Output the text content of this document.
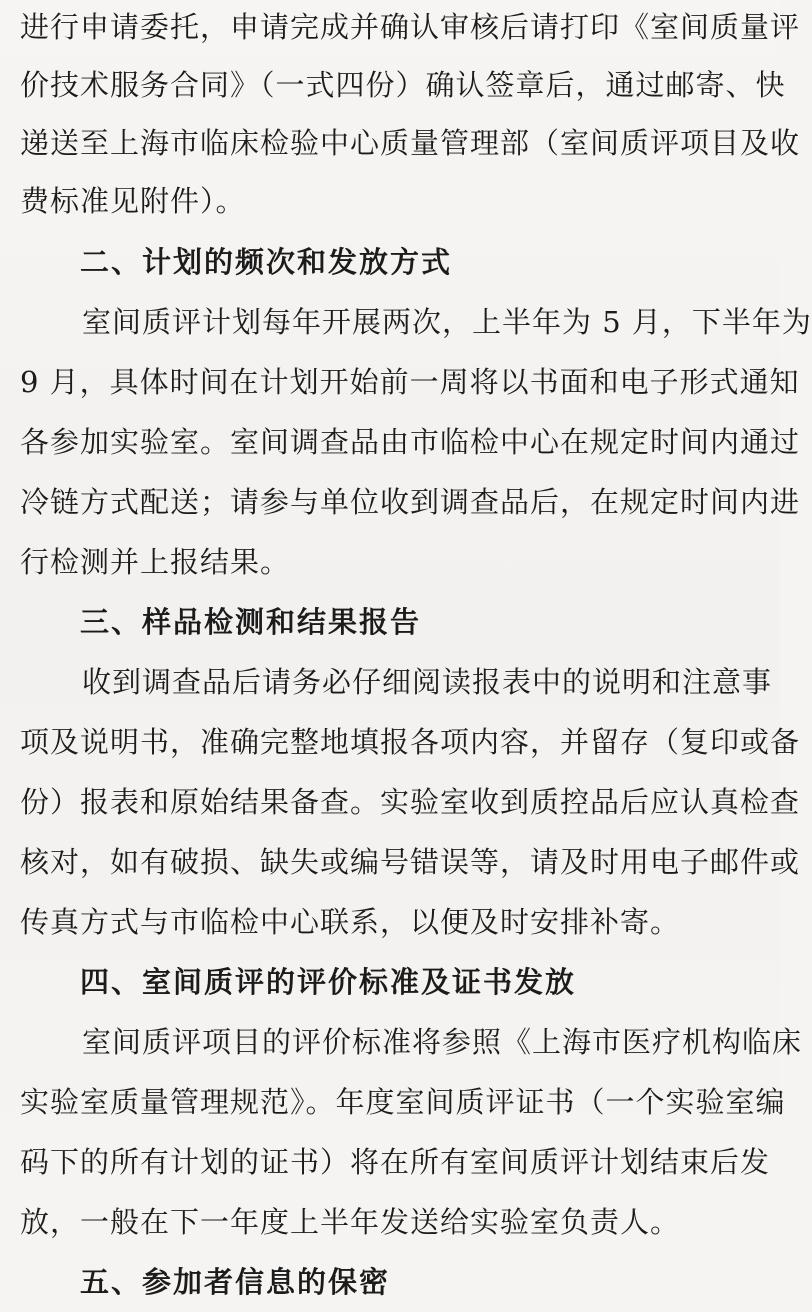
进行申请委托，申请完成并确认审核后请打印《室间质量评
价技术服务合同》（一式四份）确认签章后，通过邮寄、快
递送至上海市临床检验中心质量管理部（室间质评项目及收
费标准见附件）。
二、计划的频次和发放方式
室间质评计划每年开展两次，上半年为 5 月，下半年为
9 月，具体时间在计划开始前一周将以书面和电子形式通知
各参加实验室。室间调查品由市临检中心在规定时间内通过
冷链方式配送；请参与单位收到调查品后，在规定时间内进
行检测并上报结果。
三、样品检测和结果报告
收到调查品后请务必仔细阅读报表中的说明和注意事
项及说明书，准确完整地填报各项内容，并留存（复印或备
份）报表和原始结果备查。实验室收到质控品后应认真检查
核对，如有破损、缺失或编号错误等，请及时用电子邮件或
传真方式与市临检中心联系，以便及时安排补寄。
四、室间质评的评价标准及证书发放
室间质评项目的评价标准将参照《上海市医疗机构临床
实验室质量管理规范》。年度室间质评证书（一个实验室编
码下的所有计划的证书）将在所有室间质评计划结束后发
放，一般在下一年度上半年发送给实验室负责人。
五、参加者信息的保密
